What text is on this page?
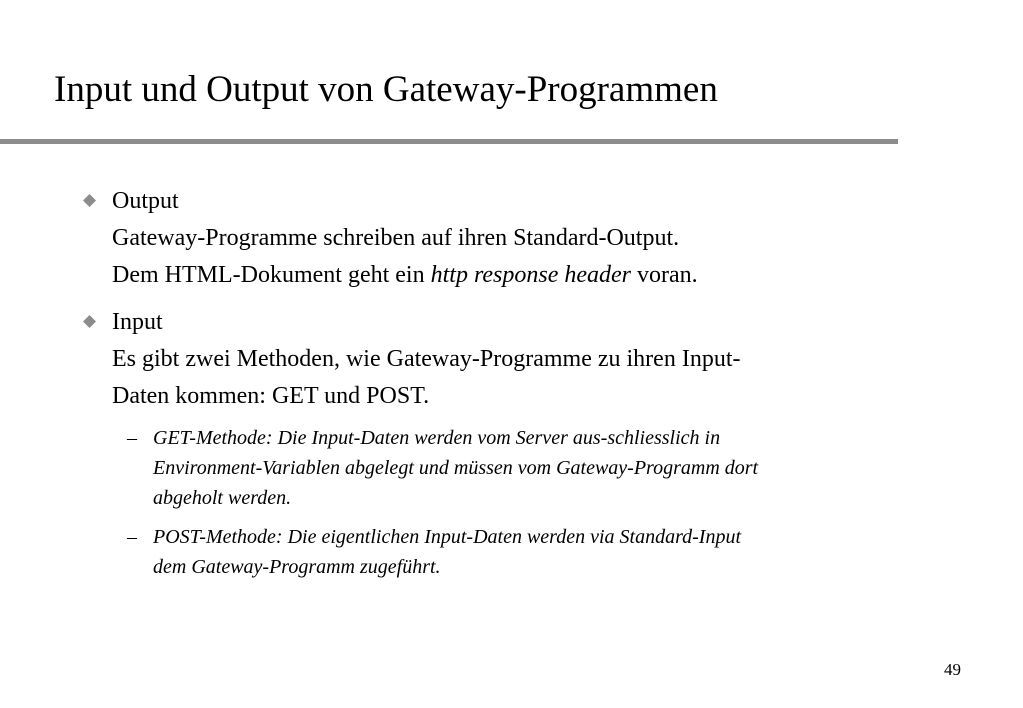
Input und Output von Gateway-Programmen
Output
Gateway-Programme schreiben auf ihren Standard-Output.
Dem HTML-Dokument geht ein http response header voran.
Input
Es gibt zwei Methoden, wie Gateway-Programme zu ihren Input-
Daten kommen: GET und POST.
– GET-Methode: Die Input-Daten werden vom Server aus-schliesslich in
Environment-Variablen abgelegt und müssen vom Gateway-Programm dort
abgeholt werden.
– POST-Methode: Die eigentlichen Input-Daten werden via Standard-Input
dem Gateway-Programm zugeführt.
49
